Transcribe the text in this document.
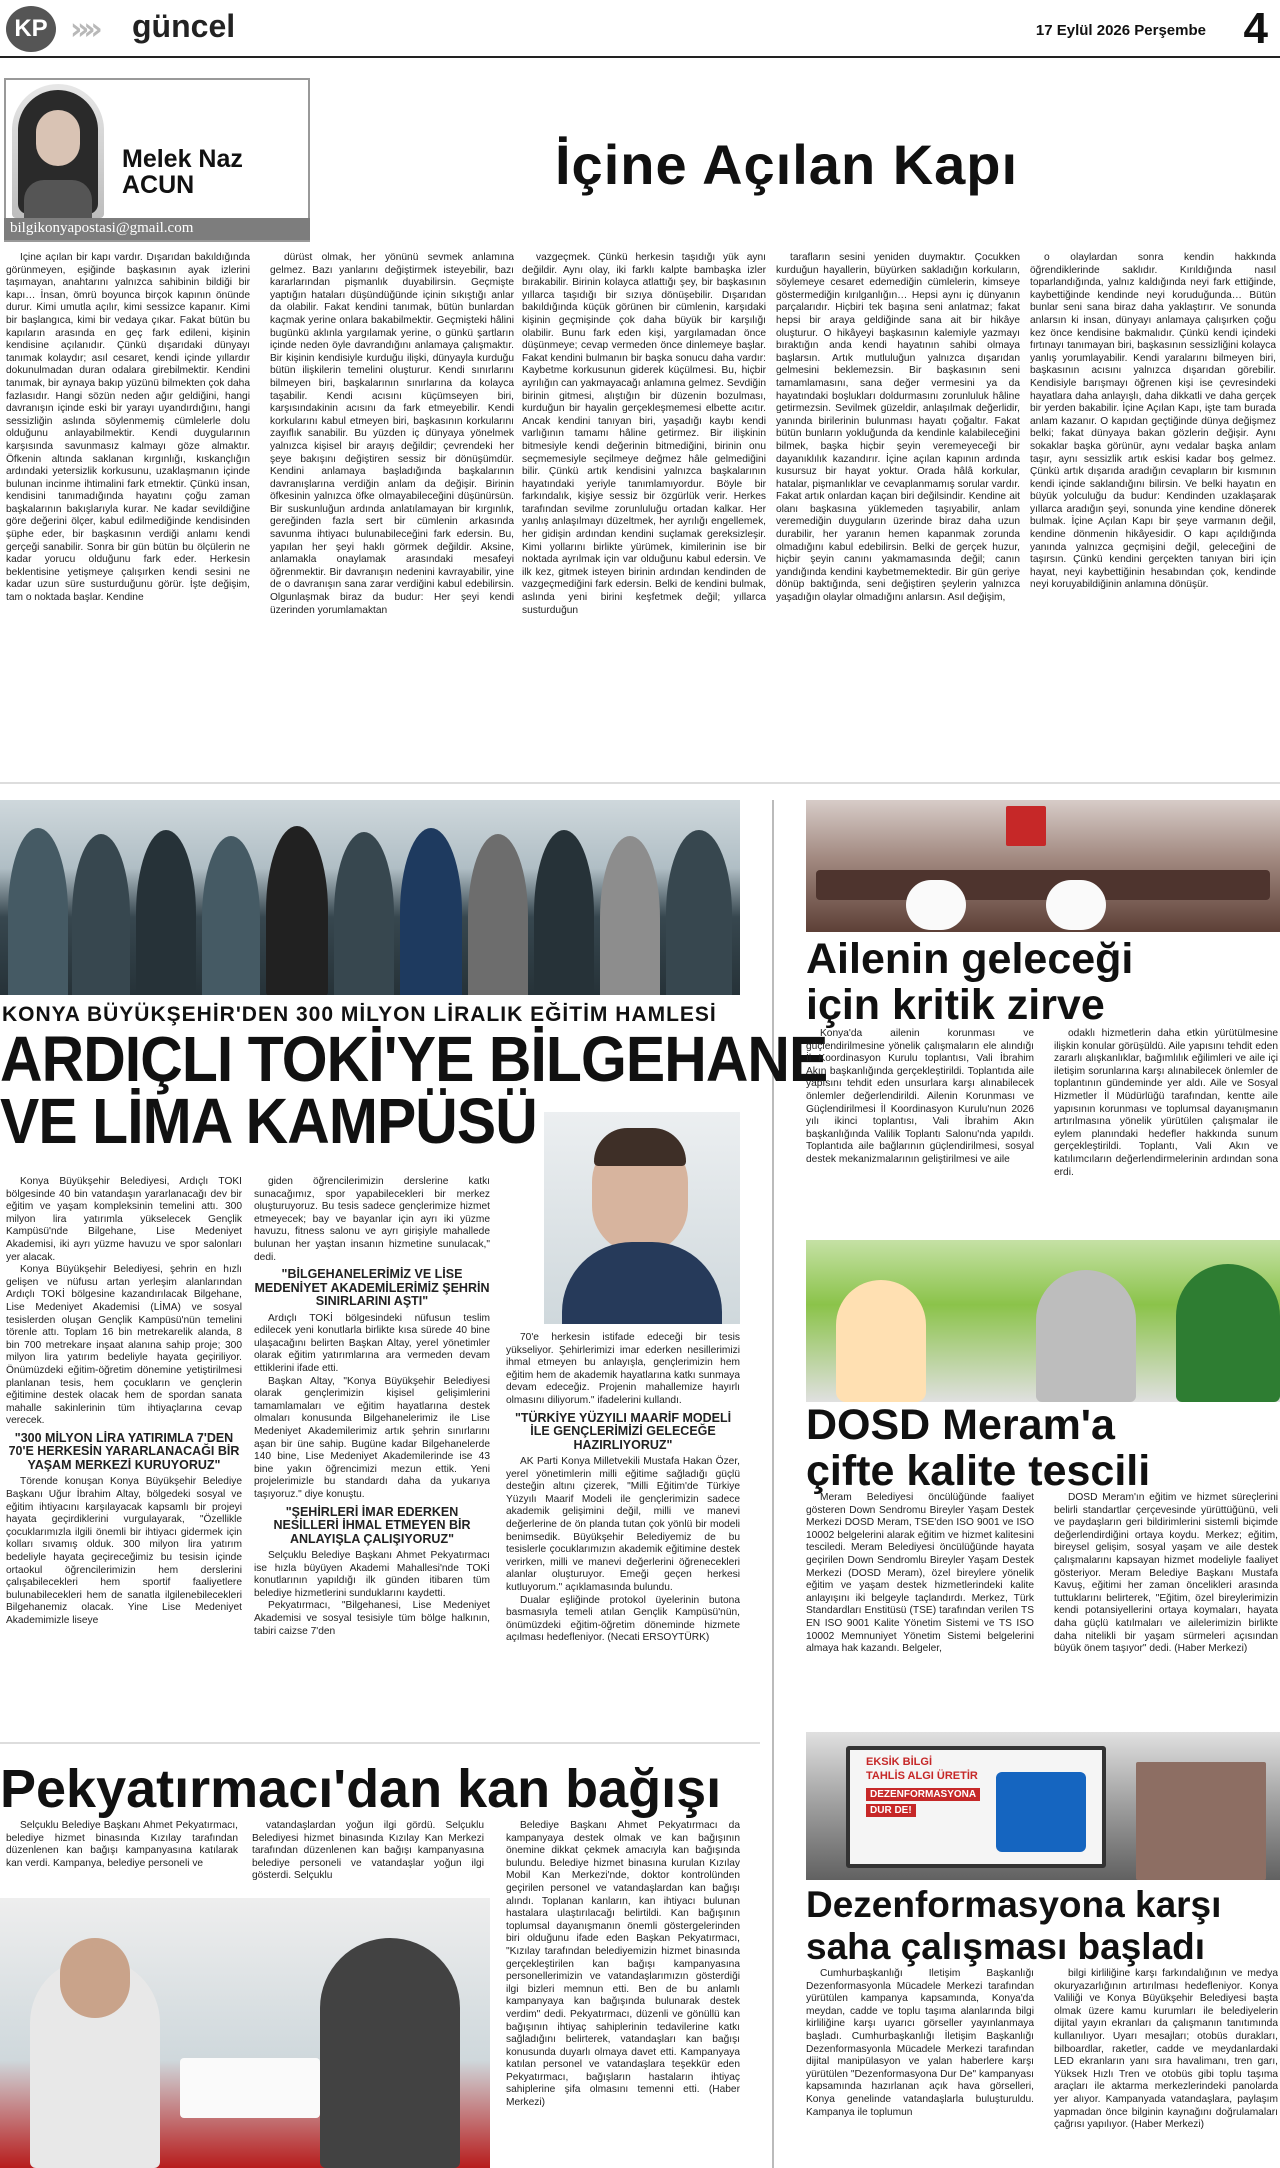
KP »» güncel	17 Eylül 2026 Perşembe 4
Melek Naz
ACUN
bilgikonyapostasi@gmail.com
İçine Açılan Kapı

İçine açılan bir kapı vardır. Dışarıdan bakıldığında görünmeyen, eşiğinde başkasının ayak izlerini taşımayan, anahtarını yalnızca sahibinin bildiği bir kapı… İnsan, ömrü boyunca birçok kapının önünde durur. Kimi umutla açılır, kimi sessizce kapanır. Kimi bir başlangıca, kimi bir vedaya çıkar. Fakat bütün bu kapıların arasında en geç fark edileni, kişinin kendisine açılanıdır. Çünkü dışarıdaki dünyayı tanımak kolaydır; asıl cesaret, kendi içinde yıllardır dokunulmadan duran odalara girebilmektir. Kendini tanımak, bir aynaya bakıp yüzünü bilmekten çok daha fazlasıdır. Hangi sözün neden ağır geldiğini, hangi davranışın içinde eski bir yarayı uyandırdığını, hangi sessizliğin aslında söylenmemiş cümlelerle dolu olduğunu anlayabilmektir. Kendi duygularının karşısında savunmasız kalmayı göze almaktır. Öfkenin altında saklanan kırgınlığı, kıskançlığın ardındaki yetersizlik korkusunu, uzaklaşmanın içinde bulunan incinme ihtimalini fark etmektir. Çünkü insan, kendisini tanımadığında hayatını çoğu zaman başkalarının bakışlarıyla kurar. Ne kadar sevildiğine göre değerini ölçer, kabul edilmediğinde kendisinden şüphe eder, bir başkasının verdiği anlamı kendi gerçeği sanabilir. Sonra bir gün bütün bu ölçülerin ne kadar yorucu olduğunu fark eder. Herkesin beklentisine yetişmeye çalışırken kendi sesini ne kadar uzun süre susturduğunu görür. İşte değişim, tam o noktada başlar. Kendine

dürüst olmak, her yönünü sevmek anlamına gelmez. Bazı yanlarını değiştirmek isteyebilir, bazı kararlarından pişmanlık duyabilirsin. Geçmişte yaptığın hataları düşündüğünde içinin sıkıştığı anlar da olabilir. Fakat kendini tanımak, bütün bunlardan kaçmak yerine onlara bakabilmektir. Geçmişteki hâlini bugünkü aklınla yargılamak yerine, o günkü şartların içinde neden öyle davrandığını anlamaya çalışmaktır. Bir kişinin kendisiyle kurduğu ilişki, dünyayla kurduğu bütün ilişkilerin temelini oluşturur. Kendi sınırlarını bilmeyen biri, başkalarının sınırlarına da kolayca taşabilir. Kendi acısını küçümseyen biri, karşısındakinin acısını da fark etmeyebilir. Kendi korkularını kabul etmeyen biri, başkasının korkularını zayıflık sanabilir. Bu yüzden iç dünyaya yönelmek yalnızca kişisel bir arayış değildir; çevrendeki her şeye bakışını değiştiren sessiz bir dönüşümdür. Kendini anlamaya başladığında başkalarının davranışlarına verdiğin anlam da değişir. Birinin öfkesinin yalnızca öfke olmayabileceğini düşünürsün. Bir suskunluğun ardında anlatılamayan bir kırgınlık, gereğinden fazla sert bir cümlenin arkasında savunma ihtiyacı bulunabileceğini fark edersin. Bu, yapılan her şeyi haklı görmek değildir. Aksine, anlamakla onaylamak arasındaki mesafeyi öğrenmektir. Bir davranışın nedenini kavrayabilir, yine de o davranışın sana zarar verdiğini kabul edebilirsin. Olgunlaşmak biraz da budur: Her şeyi kendi üzerinden yorumlamaktan

vazgeçmek. Çünkü herkesin taşıdığı yük aynı değildir. Aynı olay, iki farklı kalpte bambaşka izler bırakabilir. Birinin kolayca atlattığı şey, bir başkasının yıllarca taşıdığı bir sızıya dönüşebilir. Dışarıdan bakıldığında küçük görünen bir cümlenin, karşıdaki kişinin geçmişinde çok daha büyük bir karşılığı olabilir. Bunu fark eden kişi, yargılamadan önce düşünmeye; cevap vermeden önce dinlemeye başlar. Fakat kendini bulmanın bir başka sonucu daha vardır: Kaybetme korkusunun giderek küçülmesi. Bu, hiçbir ayrılığın can yakmayacağı anlamına gelmez. Sevdiğin birinin gitmesi, alıştığın bir düzenin bozulması, kurduğun bir hayalin gerçekleşmemesi elbette acıtır. Ancak kendini tanıyan biri, yaşadığı kaybı kendi varlığının tamamı hâline getirmez. Bir ilişkinin bitmesiyle kendi değerinin bitmediğini, birinin onu seçmemesiyle seçilmeye değmez hâle gelmediğini bilir. Çünkü artık kendisini yalnızca başkalarının hayatındaki yeriyle tanımlamıyordur. Böyle bir farkındalık, kişiye sessiz bir özgürlük verir. Herkes tarafından sevilme zorunluluğu ortadan kalkar. Her yanlış anlaşılmayı düzeltmek, her ayrılığı engellemek, her gidişin ardından kendini suçlamak gereksizleşir. Kimi yollarını birlikte yürümek, kimilerinin ise bir noktada ayrılmak için var olduğunu kabul edersin. Ve ilk kez, gitmek isteyen birinin ardından kendinden de vazgeçmediğini fark edersin. Belki de kendini bulmak, aslında yeni birini keşfetmek değil; yıllarca susturduğun

tarafların sesini yeniden duymaktır. Çocukken kurduğun hayallerin, büyürken sakladığın korkuların, söylemeye cesaret edemediğin cümlelerin, kimseye göstermediğin kırılganlığın… Hepsi aynı iç dünyanın parçalarıdır. Hiçbiri tek başına seni anlatmaz; fakat hepsi bir araya geldiğinde sana ait bir hikâye oluşturur. O hikâyeyi başkasının kalemiyle yazmayı bıraktığın anda kendi hayatının sahibi olmaya başlarsın. Artık mutluluğun yalnızca dışarıdan gelmesini beklemezsin. Bir başkasının seni tamamlamasını, sana değer vermesini ya da hayatındaki boşlukları doldurmasını zorunluluk hâline getirmezsin. Sevilmek güzeldir, anlaşılmak değerlidir, yanında birilerinin bulunması hayatı çoğaltır. Fakat bütün bunların yokluğunda da kendinle kalabileceğini bilmek, başka hiçbir şeyin veremeyeceği bir dayanıklılık kazandırır. İçine açılan kapının ardında kusursuz bir hayat yoktur. Orada hâlâ korkular, hatalar, pişmanlıklar ve cevaplanmamış sorular vardır. Fakat artık onlardan kaçan biri değilsindir. Kendine ait olanı başkasına yüklemeden taşıyabilir, anlam veremediğin duyguların üzerinde biraz daha uzun durabilir, her yaranın hemen kapanmak zorunda olmadığını kabul edebilirsin. Belki de gerçek huzur, hiçbir şeyin canını yakmamasında değil; canın yandığında kendini kaybetmemektedir. Bir gün geriye dönüp baktığında, seni değiştiren şeylerin yalnızca yaşadığın olaylar olmadığını anlarsın. Asıl değişim,

o olaylardan sonra kendin hakkında öğrendiklerinde saklıdır. Kırıldığında nasıl toparlandığında, yalnız kaldığında neyi fark ettiğinde, kaybettiğinde kendinde neyi koruduğunda… Bütün bunlar seni sana biraz daha yaklaştırır. Ve sonunda anlarsın ki insan, dünyayı anlamaya çalışırken çoğu kez önce kendisine bakmalıdır. Çünkü kendi içindeki fırtınayı tanımayan biri, başkasının sessizliğini kolayca yanlış yorumlayabilir. Kendi yaralarını bilmeyen biri, başkasının acısını yalnızca dışarıdan görebilir. Kendisiyle barışmayı öğrenen kişi ise çevresindeki hayatlara daha anlayışlı, daha dikkatli ve daha gerçek bir yerden bakabilir. İçine Açılan Kapı, işte tam burada anlam kazanır. O kapıdan geçtiğinde dünya değişmez belki; fakat dünyaya bakan gözlerin değişir. Aynı sokaklar başka görünür, aynı vedalar başka anlam taşır, aynı sessizlik artık eskisi kadar boş gelmez. Çünkü artık dışarıda aradığın cevapların bir kısmının kendi içinde saklandığını bilirsin. Ve belki hayatın en büyük yolculuğu da budur: Kendinden uzaklaşarak yıllarca aradığın şeyi, sonunda yine kendine dönerek bulmak. İçine Açılan Kapı bir şeye varmanın değil, kendine dönmenin hikâyesidir. O kapı açıldığında yanında yalnızca geçmişini değil, geleceğini de taşırsın. Çünkü kendini gerçekten tanıyan biri için hayat, neyi kaybettiğinin hesabından çok, kendinde neyi koruyabildiğinin anlamına dönüşür.

KONYA BÜYÜKŞEHİR'DEN 300 MİLYON LİRALIK EĞİTİM HAMLESİ
ARDIÇLI TOKİ'YE BİLGEHANE
VE LİMA KAMPÜSÜ

Konya Büyükşehir Belediyesi, Ardıçlı TOKİ bölgesinde 40 bin vatandaşın yararlanacağı dev bir eğitim ve yaşam kompleksinin temelini attı. 300 milyon lira yatırımla yükselecek Gençlik Kampüsü'nde Bilgehane, Lise Medeniyet Akademisi, iki ayrı yüzme havuzu ve spor salonları yer alacak.

Konya Büyükşehir Belediyesi, şehrin en hızlı gelişen ve nüfusu artan yerleşim alanlarından Ardıçlı TOKİ bölgesine kazandırılacak Bilgehane, Lise Medeniyet Akademisi (LİMA) ve sosyal tesislerden oluşan Gençlik Kampüsü'nün temelini törenle attı. Toplam 16 bin metrekarelik alanda, 8 bin 700 metrekare inşaat alanına sahip proje; 300 milyon lira yatırım bedeliyle hayata geçiriliyor. Önümüzdeki eğitim-öğretim dönemine yetiştirilmesi planlanan tesis, hem çocukların ve gençlerin eğitimine destek olacak hem de spordan sanata mahalle sakinlerinin tüm ihtiyaçlarına cevap verecek.

"300 MİLYON LİRA YATIRIMLA 7'DEN 70'E HERKESİN YARARLANACAĞI BİR YAŞAM MERKEZİ KURUYORUZ"

Törende konuşan Konya Büyükşehir Belediye Başkanı Uğur İbrahim Altay, bölgedeki sosyal ve eğitim ihtiyacını karşılayacak kapsamlı bir projeyi hayata geçirdiklerini vurgulayarak, "Özellikle çocuklarımızla ilgili önemli bir ihtiyacı gidermek için kolları sıvamış olduk. 300 milyon lira yatırım bedeliyle hayata geçireceğimiz bu tesisin içinde ortaokul öğrencilerimizin hem derslerini çalışabilecekleri hem sportif faaliyetlere bulunabilecekleri hem de sanatla ilgilenebilecekleri Bilgehanemiz olacak. Yine Lise Medeniyet Akademimizle liseye

giden öğrencilerimizin derslerine katkı sunacağımız, spor yapabilecekleri bir merkez oluşturuyoruz. Bu tesis sadece gençlerimize hizmet etmeyecek; bay ve bayanlar için ayrı iki yüzme havuzu, fitness salonu ve ayrı girişiyle mahallede bulunan her yaştan insanın hizmetine sunulacak," dedi.

"BİLGEHANELERİMİZ VE LİSE MEDENİYET AKADEMİLERİMİZ ŞEHRİN SINIRLARINI AŞTI"

Ardıçlı TOKİ bölgesindeki nüfusun teslim edilecek yeni konutlarla birlikte kısa sürede 40 bine ulaşacağını belirten Başkan Altay, yerel yönetimler olarak eğitim yatırımlarına ara vermeden devam ettiklerini ifade etti.

Başkan Altay, "Konya Büyükşehir Belediyesi olarak gençlerimizin kişisel gelişimlerini tamamlamaları ve eğitim hayatlarına destek olmaları konusunda Bilgehanelerimiz ile Lise Medeniyet Akademilerimiz artık şehrin sınırlarını aşan bir üne sahip. Bugüne kadar Bilgehanelerde 140 bine, Lise Medeniyet Akademilerinde ise 43 bine yakın öğrencimizi mezun ettik. Yeni projelerimizle bu standardı daha da yukarıya taşıyoruz." diye konuştu.

"ŞEHİRLERİ İMAR EDERKEN NESİLLERİ İHMAL ETMEYEN BİR ANLAYIŞLA ÇALIŞIYORUZ"

Selçuklu Belediye Başkanı Ahmet Pekyatırmacı ise hızla büyüyen Akademi Mahallesi'nde TOKİ konutlarının yapıldığı ilk günden itibaren tüm belediye hizmetlerini sunduklarını kaydetti.

Pekyatırmacı, "Bilgehanesi, Lise Medeniyet Akademisi ve sosyal tesisiyle tüm bölge halkının, tabiri caizse 7'den

70'e herkesin istifade edeceği bir tesis yükseliyor. Şehirlerimizi imar ederken nesillerimizi ihmal etmeyen bu anlayışla, gençlerimizin hem eğitim hem de akademik hayatlarına katkı sunmaya devam edeceğiz. Projenin mahallemize hayırlı olmasını diliyorum." ifadelerini kullandı.

"TÜRKİYE YÜZYILI MAARİF MODELİ İLE GENÇLERİMİZİ GELECEĞE HAZIRLIYORUZ"

AK Parti Konya Milletvekili Mustafa Hakan Özer, yerel yönetimlerin milli eğitime sağladığı güçlü desteğin altını çizerek, "Milli Eğitim'de Türkiye Yüzyılı Maarif Modeli ile gençlerimizin sadece akademik gelişimini değil, milli ve manevi değerlerine de ön planda tutan çok yönlü bir modeli benimsedik. Büyükşehir Belediyemiz de bu tesislerle çocuklarımızın akademik eğitimine destek verirken, milli ve manevi değerlerini öğrenecekleri alanlar oluşturuyor. Emeği geçen herkesi kutluyorum." açıklamasında bulundu.

Dualar eşliğinde protokol üyelerinin butona basmasıyla temeli atılan Gençlik Kampüsü'nün, önümüzdeki eğitim-öğretim döneminde hizmete açılması hedefleniyor. (Necati ERSOYTÜRK)

Ailenin geleceği
için kritik zirve

Konya'da ailenin korunması ve güçlendirilmesine yönelik çalışmaların ele alındığı İl Koordinasyon Kurulu toplantısı, Vali İbrahim Akın başkanlığında gerçekleştirildi. Toplantıda aile yapısını tehdit eden unsurlara karşı alınabilecek önlemler değerlendirildi. Ailenin Korunması ve Güçlendirilmesi İl Koordinasyon Kurulu'nun 2026 yılı ikinci toplantısı, Vali İbrahim Akın başkanlığında Valilik Toplantı Salonu'nda yapıldı. Toplantıda aile bağlarının güçlendirilmesi, sosyal destek mekanizmalarının geliştirilmesi ve aile

odaklı hizmetlerin daha etkin yürütülmesine ilişkin konular görüşüldü. Aile yapısını tehdit eden zararlı alışkanlıklar, bağımlılık eğilimleri ve aile içi iletişim sorunlarına karşı alınabilecek önlemler de toplantının gündeminde yer aldı. Aile ve Sosyal Hizmetler İl Müdürlüğü tarafından, kentte aile yapısının korunması ve toplumsal dayanışmanın artırılmasına yönelik yürütülen çalışmalar ile eylem planındaki hedefler hakkında sunum gerçekleştirildi. Toplantı, Vali Akın ve katılımcıların değerlendirmelerinin ardından sona erdi.

DOSD Meram'a
çifte kalite tescili

Meram Belediyesi öncülüğünde faaliyet gösteren Down Sendromu Bireyler Yaşam Destek Merkezi DOSD Meram, TSE'den ISO 9001 ve ISO 10002 belgelerini alarak eğitim ve hizmet kalitesini tesciledi. Meram Belediyesi öncülüğünde hayata geçirilen Down Sendromlu Bireyler Yaşam Destek Merkezi (DOSD Meram), özel bireylere yönelik eğitim ve yaşam destek hizmetlerindeki kalite anlayışını iki belgeyle taçlandırdı. Merkez, Türk Standardları Enstitüsü (TSE) tarafından verilen TS EN ISO 9001 Kalite Yönetim Sistemi ve TS ISO 10002 Memnuniyet Yönetim Sistemi belgelerini almaya hak kazandı. Belgeler,

DOSD Meram'ın eğitim ve hizmet süreçlerini belirli standartlar çerçevesinde yürüttüğünü, veli ve paydaşların geri bildirimlerini sistemli biçimde değerlendirdiğini ortaya koydu. Merkez; eğitim, bireysel gelişim, sosyal yaşam ve aile destek çalışmalarını kapsayan hizmet modeliyle faaliyet gösteriyor. Meram Belediye Başkanı Mustafa Kavuş, eğitimi her zaman öncelikleri arasında tuttuklarını belirterek, "Eğitim, özel bireylerimizin kendi potansiyellerini ortaya koymaları, hayata daha güçlü katılmaları ve ailelerimizin birlikte daha nitelikli bir yaşam sürmeleri açısından büyük önem taşıyor" dedi. (Haber Merkezi)

Pekyatırmacı'dan kan bağışı

Selçuklu Belediye Başkanı Ahmet Pekyatırmacı, belediye hizmet binasında Kızılay tarafından düzenlenen kan bağışı kampanyasına katılarak kan verdi. Kampanya, belediye personeli ve

vatandaşlardan yoğun ilgi gördü. Selçuklu Belediyesi hizmet binasında Kızılay Kan Merkezi tarafından düzenlenen kan bağışı kampanyasına belediye personeli ve vatandaşlar yoğun ilgi gösterdi. Selçuklu

Belediye Başkanı Ahmet Pekyatırmacı da kampanyaya destek olmak ve kan bağışının önemine dikkat çekmek amacıyla kan bağışında bulundu. Belediye hizmet binasına kurulan Kızılay Mobil Kan Merkezi'nde, doktor kontrolünden geçirilen personel ve vatandaşlardan kan bağışı alındı. Toplanan kanların, kan ihtiyacı bulunan hastalara ulaştırılacağı belirtildi. Kan bağışının toplumsal dayanışmanın önemli göstergelerinden biri olduğunu ifade eden Başkan Pekyatırmacı, "Kızılay tarafından belediyemizin hizmet binasında gerçekleştirilen kan bağışı kampanyasına personellerimizin ve vatandaşlarımızın gösterdiği ilgi bizleri memnun etti. Ben de bu anlamlı kampanyaya kan bağışında bulunarak destek verdim" dedi. Pekyatırmacı, düzenli ve gönüllü kan bağışının ihtiyaç sahiplerinin tedavilerine katkı sağladığını belirterek, vatandaşları kan bağışı konusunda duyarlı olmaya davet etti. Kampanyaya katılan personel ve vatandaşlara teşekkür eden Pekyatırmacı, bağışların hastaların ihtiyaç sahiplerine şifa olmasını temenni etti. (Haber Merkezi)

EKSİK BİLGİ
TAHLİS ALGI ÜRETİR
DEZENFORMASYONA
DUR DE!
Dezenformasyona karşı
saha çalışması başladı

Cumhurbaşkanlığı İletişim Başkanlığı Dezenformasyonla Mücadele Merkezi tarafından yürütülen kampanya kapsamında, Konya'da meydan, cadde ve toplu taşıma alanlarında bilgi kirliliğine karşı uyarıcı görseller yayınlanmaya başladı. Cumhurbaşkanlığı İletişim Başkanlığı Dezenformasyonla Mücadele Merkezi tarafından dijital manipülasyon ve yalan haberlere karşı yürütülen "Dezenformasyona Dur De" kampanyası kapsamında hazırlanan açık hava görselleri, Konya genelinde vatandaşlarla buluşturuldu. Kampanya ile toplumun

bilgi kirliliğine karşı farkındalığının ve medya okuryazarlığının artırılması hedefleniyor. Konya Valiliği ve Konya Büyükşehir Belediyesi başta olmak üzere kamu kurumları ile belediyelerin dijital yayın ekranları da çalışmanın tanıtımında kullanılıyor. Uyarı mesajları; otobüs durakları, bilboardlar, raketler, cadde ve meydanlardaki LED ekranların yanı sıra havalimanı, tren garı, Yüksek Hızlı Tren ve otobüs gibi toplu taşıma araçları ile aktarma merkezlerindeki panolarda yer alıyor. Kampanyada vatandaşlara, paylaşım yapmadan önce bilginin kaynağını doğrulamaları çağrısı yapılıyor. (Haber Merkezi)
